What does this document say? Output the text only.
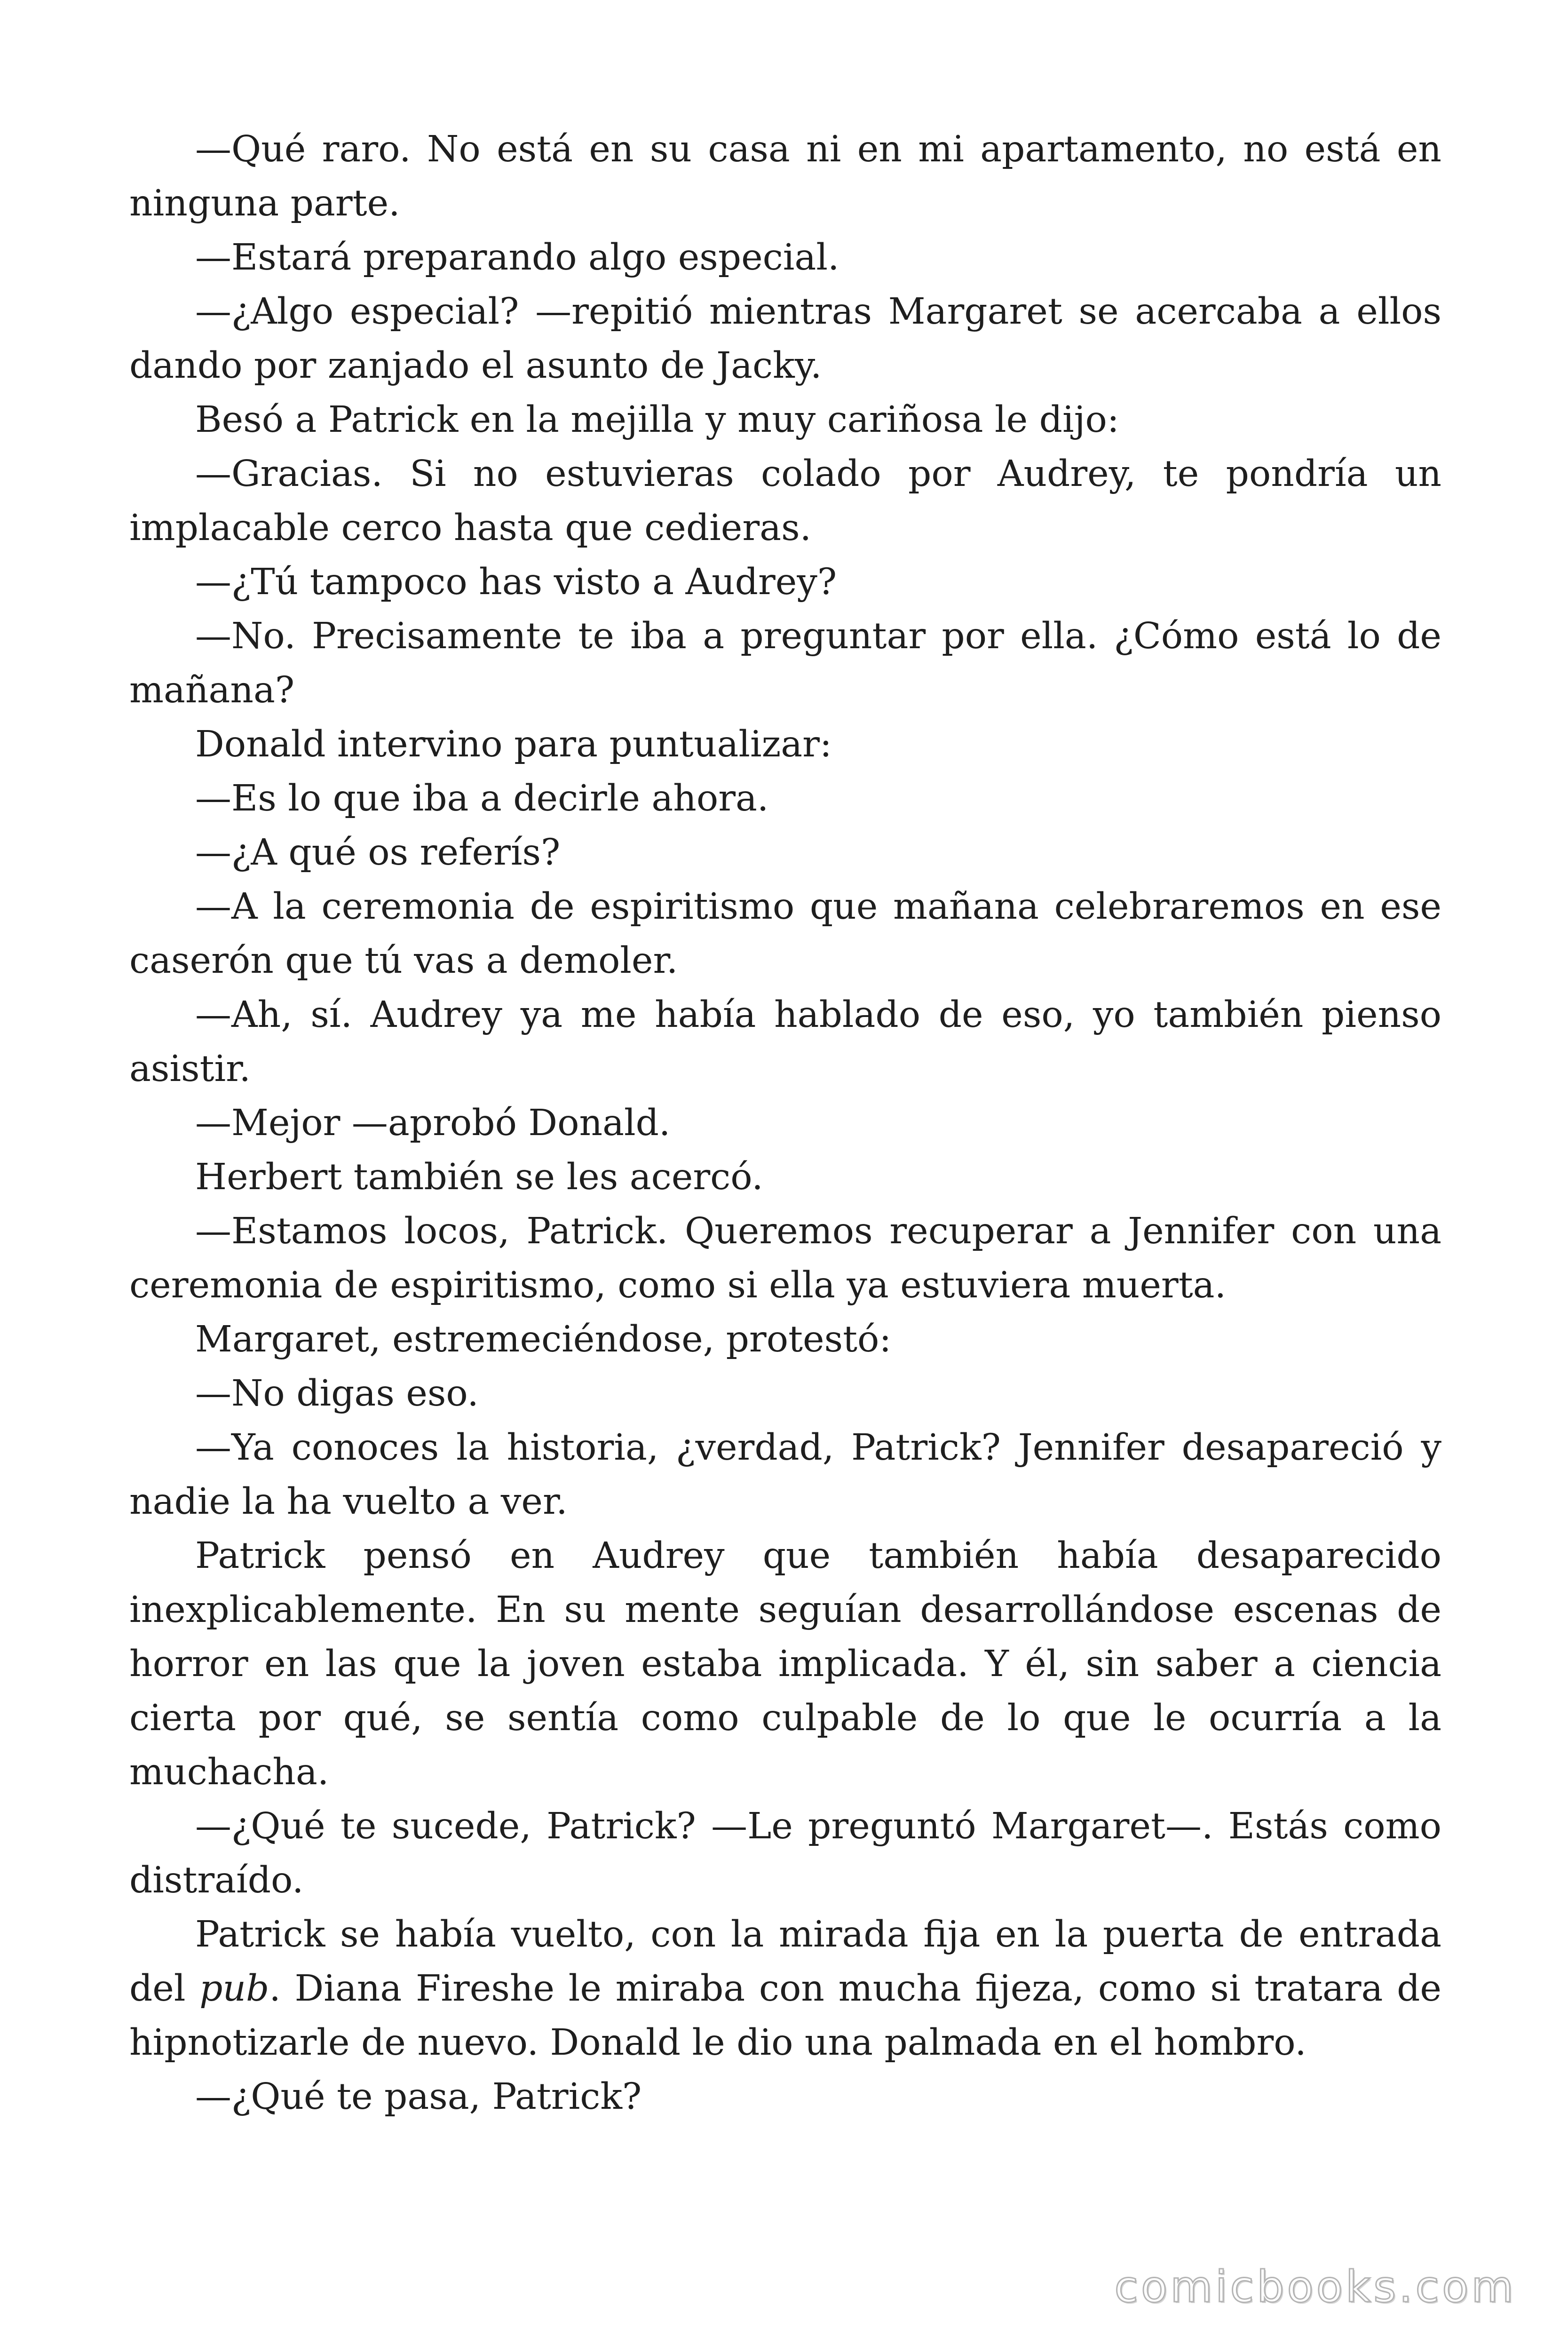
—Qué raro. No está en su casa ni en mi apartamento, no está en ninguna parte.

—Estará preparando algo especial.

—¿Algo especial? —repitió mientras Margaret se acercaba a ellos dando por zanjado el asunto de Jacky.

Besó a Patrick en la mejilla y muy cariñosa le dijo:

—Gracias. Si no estuvieras colado por Audrey, te pondría un implacable cerco hasta que cedieras.

—¿Tú tampoco has visto a Audrey?

—No. Precisamente te iba a preguntar por ella. ¿Cómo está lo de mañana?

Donald intervino para puntualizar:

—Es lo que iba a decirle ahora.

—¿A qué os referís?

—A la ceremonia de espiritismo que mañana celebraremos en ese caserón que tú vas a demoler.

—Ah, sí. Audrey ya me había hablado de eso, yo también pienso asistir.

—Mejor —aprobó Donald.

Herbert también se les acercó.

—Estamos locos, Patrick. Queremos recuperar a Jennifer con una ceremonia de espiritismo, como si ella ya estuviera muerta.

Margaret, estremeciéndose, protestó:

—No digas eso.

—Ya conoces la historia, ¿verdad, Patrick? Jennifer desapareció y nadie la ha vuelto a ver.

Patrick pensó en Audrey que también había desaparecido inexplicablemente. En su mente seguían desarrollándose escenas de horror en las que la joven estaba implicada. Y él, sin saber a ciencia cierta por qué, se sentía como culpable de lo que le ocurría a la muchacha.

—¿Qué te sucede, Patrick? —Le preguntó Margaret—. Estás como distraído.

Patrick se había vuelto, con la mirada fija en la puerta de entrada del pub. Diana Fireshe le miraba con mucha fijeza, como si tratara de hipnotizarle de nuevo. Donald le dio una palmada en el hombro.

—¿Qué te pasa, Patrick?

comicbooks.com
